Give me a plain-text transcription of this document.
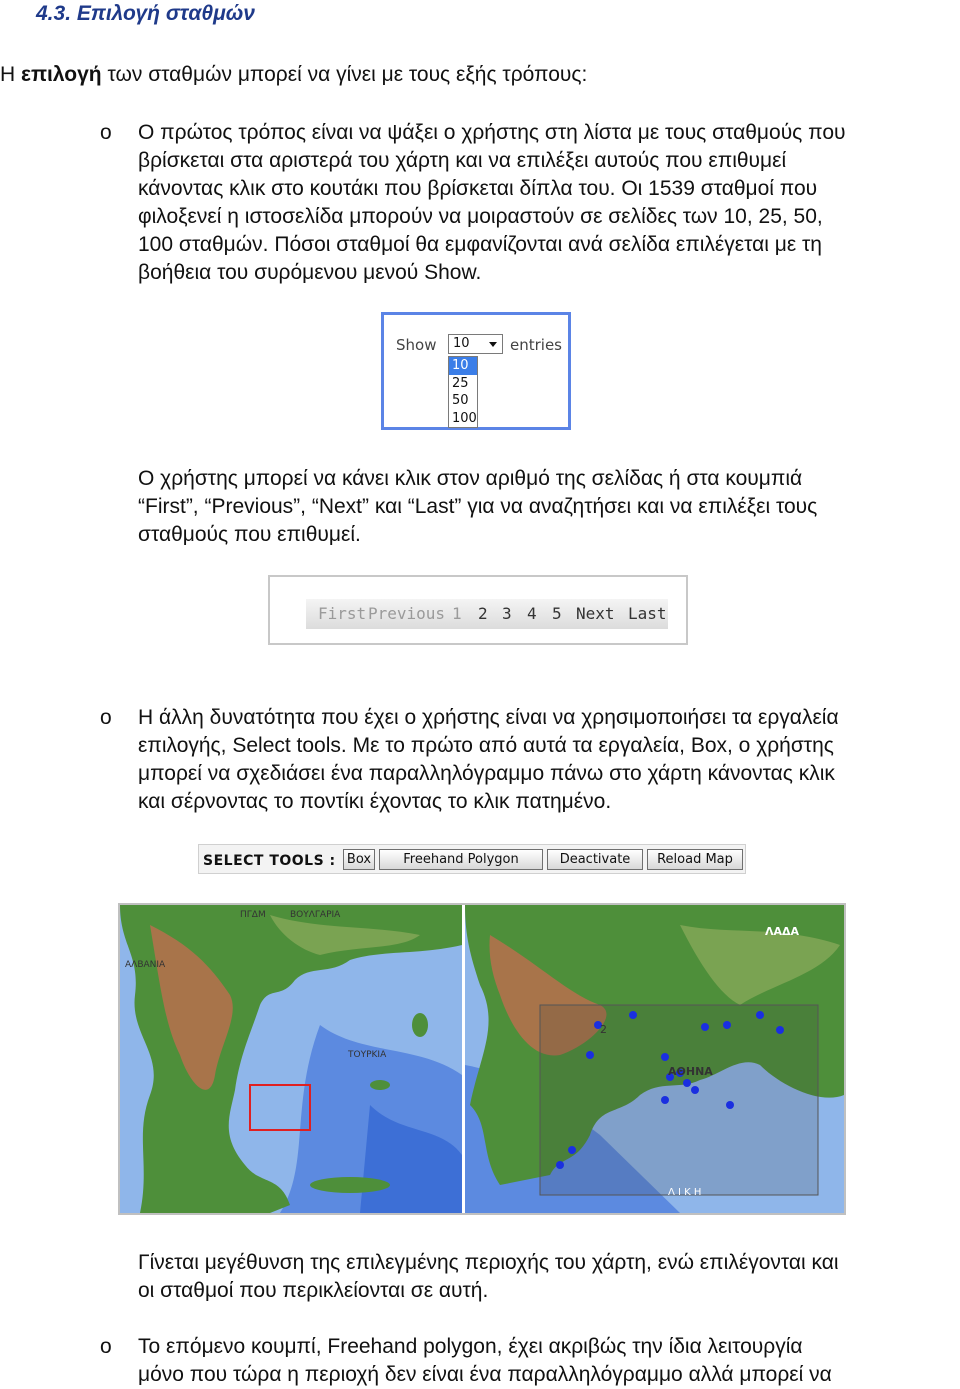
4.3. Επιλογή σταθμών
Η επιλογή των σταθμών μπορεί να γίνει με τους εξής τρόπους:
o Ο πρώτος τρόπος είναι να ψάξει ο χρήστης στη λίστα με τους σταθμούς που
βρίσκεται στα αριστερά του χάρτη και να επιλέξει αυτούς που επιθυμεί
κάνοντας κλικ στο κουτάκι που βρίσκεται δίπλα του. Οι 1539 σταθμοί που
φιλοξενεί η ιστοσελίδα μπορούν να μοιραστούν σε σελίδες των 10, 25, 50,
100 σταθμών. Πόσοι σταθμοί θα εμφανίζονται ανά σελίδα επιλέγεται με τη
βοήθεια του συρόμενου μενού Show.
Show 10	entries
10
25
50
100
Ο χρήστης μπορεί να κάνει κλικ στον αριθμό της σελίδας ή στα κουμπιά
“First”, “Previous”, “Next” και “Last” για να αναζητήσει και να επιλέξει τους
σταθμούς που επιθυμεί.
First Previous 1 2 3 4 5 Next Last
o Η άλλη δυνατότητα που έχει ο χρήστης είναι να χρησιμοποιήσει τα εργαλεία
επιλογής, Select tools. Με το πρώτο από αυτά τα εργαλεία, Box, ο χρήστης
μπορεί να σχεδιάσει ένα παραλληλόγραμμο πάνω στο χάρτη κάνοντας κλικ
και σέρνοντας το ποντίκι έχοντας το κλικ πατημένο.
SELECT TOOLS : Box	Freehand Polygon	Deactivate	Reload Map
ΠΓΔΜ	ΒΟΥΛΓΑΡΙΑ
ΑΛΒΑΝΙΑ
ΤΟΥΡΚΙΑ
ΛΑΔΑ
ΑΘΗΝΑ
2
Λ Ι Κ Η
Γίνεται μεγέθυνση της επιλεγμένης περιοχής του χάρτη, ενώ επιλέγονται και
οι σταθμοί που περικλείονται σε αυτή.
o Το επόμενο κουμπί, Freehand polygon, έχει ακριβώς την ίδια λειτουργία
μόνο που τώρα η περιοχή δεν είναι ένα παραλληλόγραμμο αλλά μπορεί να
